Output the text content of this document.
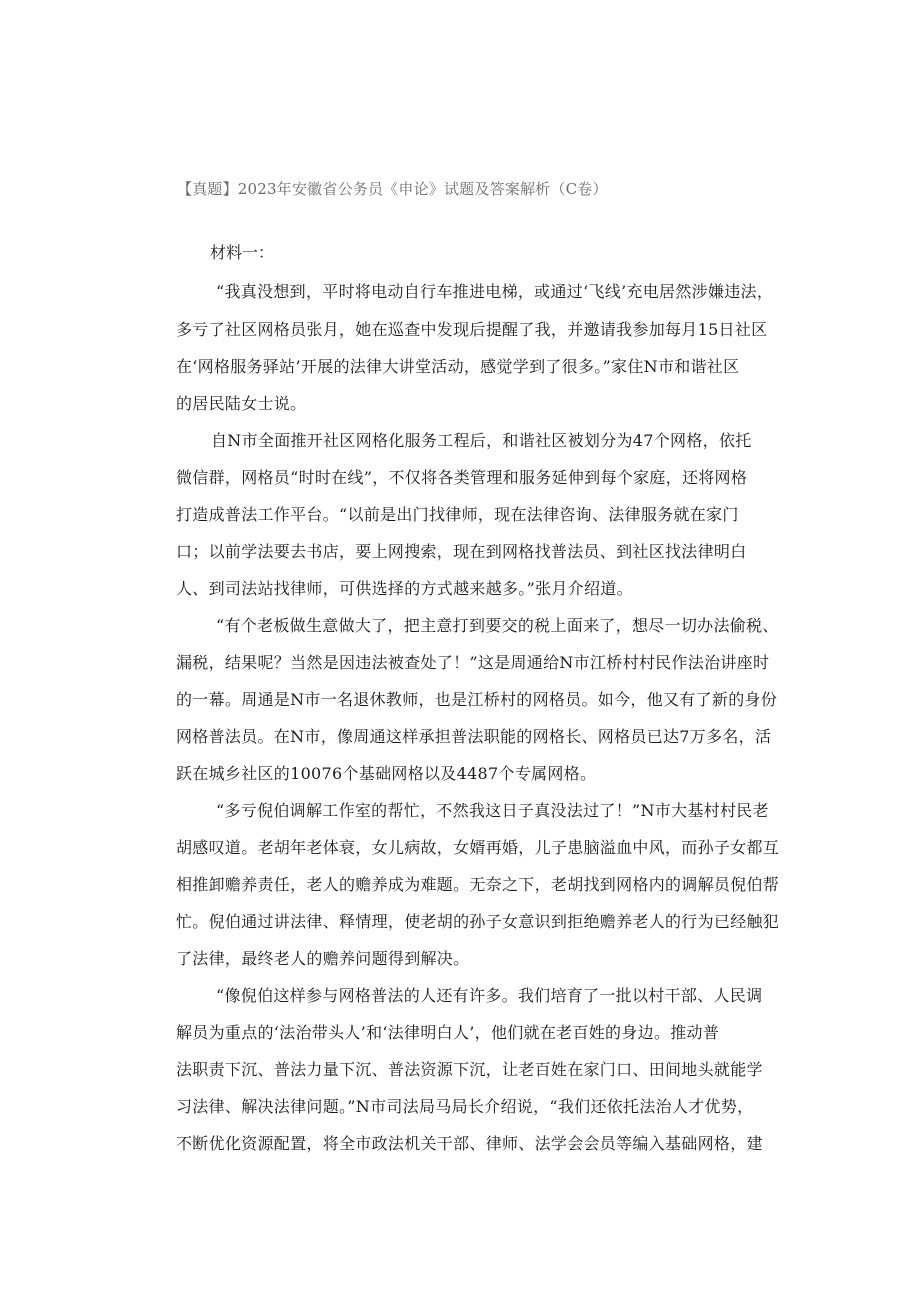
【真题】2023年安徽省公务员《申论》试题及答案解析（C卷）
材料一：
“我真没想到，平时将电动自行车推进电梯，或通过‘飞线’充电居然涉嫌违法，
多亏了社区网格员张月，她在巡查中发现后提醒了我，并邀请我参加每月15日社区
在‘网格服务驿站’开展的法律大讲堂活动，感觉学到了很多。”家住N市和谐社区
的居民陆女士说。
自N市全面推开社区网格化服务工程后，和谐社区被划分为47个网格，依托
微信群，网格员“时时在线”，不仅将各类管理和服务延伸到每个家庭，还将网格
打造成普法工作平台。“以前是出门找律师，现在法律咨询、法律服务就在家门
口；以前学法要去书店，要上网搜索，现在到网格找普法员、到社区找法律明白
人、到司法站找律师，可供选择的方式越来越多。”张月介绍道。
“有个老板做生意做大了，把主意打到要交的税上面来了，想尽一切办法偷税、
漏税，结果呢？当然是因违法被查处了！”这是周通给N市江桥村村民作法治讲座时
的一幕。周通是N市一名退休教师，也是江桥村的网格员。如今，他又有了新的身份
网格普法员。在N市，像周通这样承担普法职能的网格长、网格员已达7万多名，活
跃在城乡社区的10076个基础网格以及4487个专属网格。
“多亏倪伯调解工作室的帮忙，不然我这日子真没法过了！”N市大基村村民老
胡感叹道。老胡年老体衰，女儿病故，女婿再婚，儿子患脑溢血中风，而孙子女都互
相推卸赡养责任，老人的赡养成为难题。无奈之下，老胡找到网格内的调解员倪伯帮
忙。倪伯通过讲法律、释情理，使老胡的孙子女意识到拒绝赡养老人的行为已经触犯
了法律，最终老人的赡养问题得到解决。
“像倪伯这样参与网格普法的人还有许多。我们培育了一批以村干部、人民调
解员为重点的‘法治带头人’和‘法律明白人’，他们就在老百姓的身边。推动普
法职责下沉、普法力量下沉、普法资源下沉，让老百姓在家门口、田间地头就能学
习法律、解决法律问题。”N市司法局马局长介绍说，“我们还依托法治人才优势，
不断优化资源配置，将全市政法机关干部、律师、法学会会员等编入基础网格，建
